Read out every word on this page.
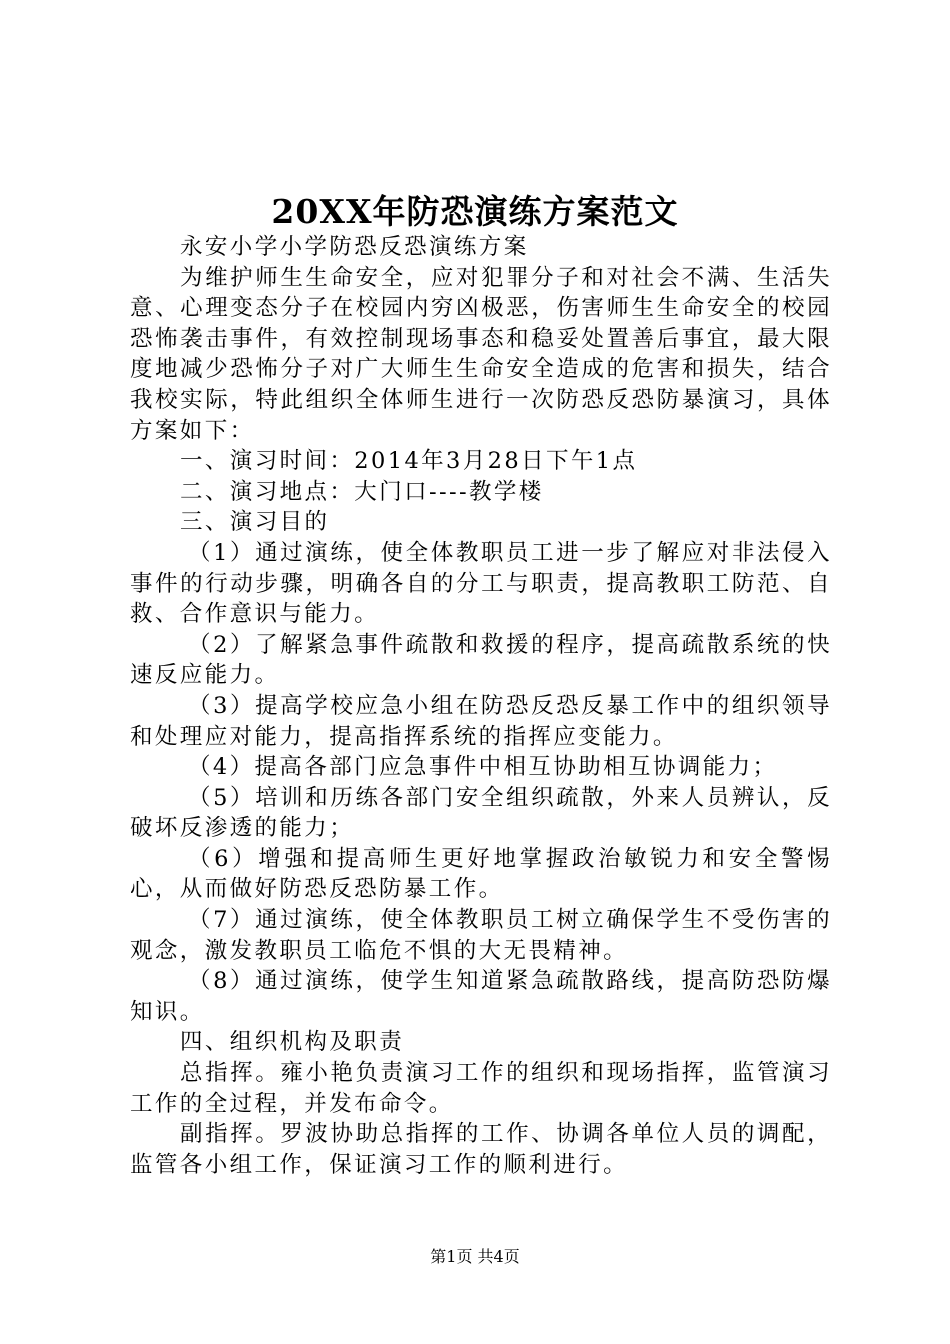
20XX年防恐演练方案范文

永安小学小学防恐反恐演练方案

为维护师生生命安全，应对犯罪分子和对社会不满、生活失意、心理变态分子在校园内穷凶极恶，伤害师生生命安全的校园恐怖袭击事件，有效控制现场事态和稳妥处置善后事宜，最大限度地减少恐怖分子对广大师生生命安全造成的危害和损失，结合我校实际，特此组织全体师生进行一次防恐反恐防暴演习，具体方案如下：

一、演习时间：2014年3月28日下午1点

二、演习地点：大门口----教学楼

三、演习目的

（1）通过演练，使全体教职员工进一步了解应对非法侵入事件的行动步骤，明确各自的分工与职责，提高教职工防范、自救、合作意识与能力。

（2）了解紧急事件疏散和救援的程序，提高疏散系统的快速反应能力。

（3）提高学校应急小组在防恐反恐反暴工作中的组织领导和处理应对能力，提高指挥系统的指挥应变能力。

（4）提高各部门应急事件中相互协助相互协调能力；

（5）培训和历练各部门安全组织疏散，外来人员辨认，反破坏反渗透的能力；

（6）增强和提高师生更好地掌握政治敏锐力和安全警惕心，从而做好防恐反恐防暴工作。

（7）通过演练，使全体教职员工树立确保学生不受伤害的观念，激发教职员工临危不惧的大无畏精神。

（8）通过演练，使学生知道紧急疏散路线，提高防恐防爆知识。

四、组织机构及职责

总指挥。雍小艳负责演习工作的组织和现场指挥，监管演习工作的全过程，并发布命令。

副指挥。罗波协助总指挥的工作、协调各单位人员的调配，监管各小组工作，保证演习工作的顺利进行。

第1页 共4页
